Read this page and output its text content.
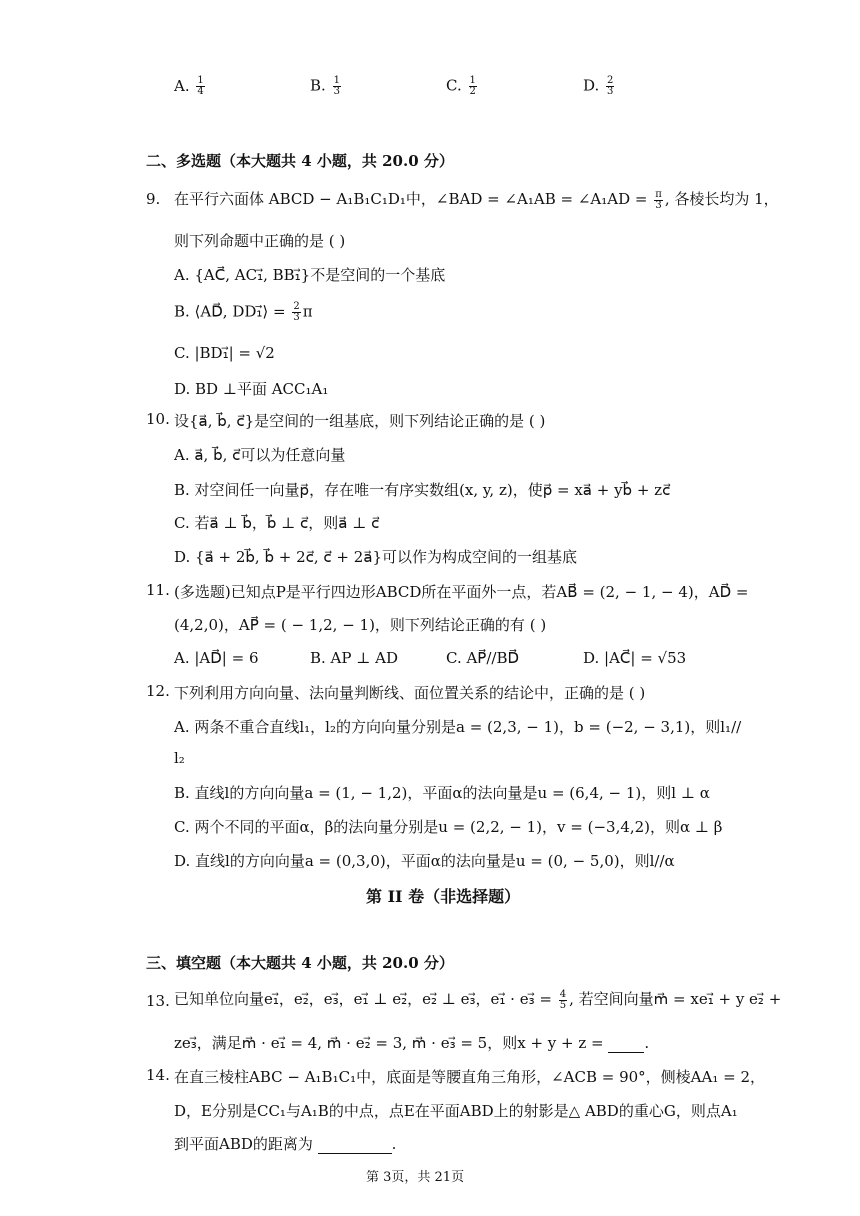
A. $\frac{1}{4}$	B. $\frac{1}{3}$	C. $\frac{1}{2}$	D. $\frac{2}{3}$
二、多选题（本大题共 4 小题，共 20.0 分）
9. 在平行六面体 ABCD − A₁B₁C₁D₁中，∠BAD = ∠A₁AB = ∠A₁AD = $\frac{\pi}{3}$ , 各棱长均为 1，
则下列命题中正确的是 ( )
A. {AC⃗, AC₁⃗, BB₁⃗}不是空间的一个基底
B. ⟨AD⃗, DD₁⃗⟩ = $\frac{2}{3}$ π
C. |BD₁⃗| = √2
D. BD ⊥平面 ACC₁A₁
10. 设{a⃗, b⃗, c⃗}是空间的一组基底，则下列结论正确的是 ( )
A. a⃗, b⃗, c⃗可以为任意向量
B. 对空间任一向量p⃗，存在唯一有序实数组(x, y, z)，使p⃗ = xa⃗ + yb⃗ + zc⃗
C. 若a⃗ ⊥ b⃗，b⃗ ⊥ c⃗，则a⃗ ⊥ c⃗
D. {a⃗ + 2b⃗, b⃗ + 2c⃗, c⃗ + 2a⃗}可以作为构成空间的一组基底
11. (多选题)已知点P是平行四边形ABCD所在平面外一点，若AB⃗ = (2, − 1, − 4)，AD⃗ =
(4,2,0)，AP⃗ = ( − 1,2, − 1)，则下列结论正确的有 ( )
A. |AD⃗| = 6	B. AP ⊥ AD	C. AP⃗//BD⃗	D. |AC⃗| = √53
12. 下列利用方向向量、法向量判断线、面位置关系的结论中，正确的是 ( )
A. 两条不重合直线l₁，l₂的方向向量分别是a = (2,3, − 1)，b = (−2, − 3,1)，则l₁//
l₂
B. 直线l的方向向量a = (1, − 1,2)，平面α的法向量是u = (6,4, − 1)，则l ⊥ α
C. 两个不同的平面α，β的法向量分别是u = (2,2, − 1)，v = (−3,4,2)，则α ⊥ β
D. 直线l的方向向量a = (0,3,0)，平面α的法向量是u = (0, − 5,0)，则l//α
第 II 卷（非选择题）
三、填空题（本大题共 4 小题，共 20.0 分）
13. 已知单位向量e₁⃗，e₂⃗，e₃⃗，e₁⃗ ⊥ e₂⃗，e₂⃗ ⊥ e₃⃗，e₁⃗ · e₃⃗ = $\frac{4}{5}$ , 若空间向量m⃗ = xe₁⃗ + y e₂⃗ +
ze₃⃗，满足m⃗ · e₁⃗ = 4, m⃗ · e₂⃗ = 3, m⃗ · e₃⃗ = 5，则x + y + z =	.
14. 在直三棱柱ABC − A₁B₁C₁中，底面是等腰直角三角形，∠ACB = 90°，侧棱AA₁ = 2，
D，E分别是CC₁与A₁B的中点，点E在平面ABD上的射影是△ ABD的重心G，则点A₁
到平面ABD的距离为	.
第 3页，共 21页
